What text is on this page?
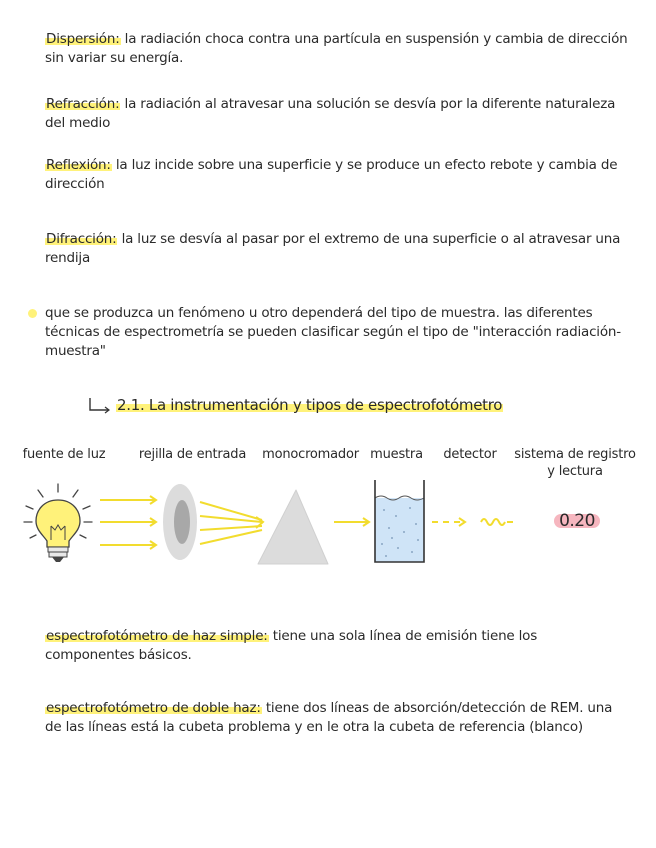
Dispersión: la radiación choca contra una partícula en suspensión y cambia de dirección sin variar su energía.
Refracción: la radiación al atravesar una solución se desvía por la diferente naturaleza del medio
Reflexión: la luz incide sobre una superficie y se produce un efecto rebote y cambia de dirección
Difracción: la luz se desvía al pasar por el extremo de una superficie o al atravesar una rendija
que se produzca un fenómeno u otro dependerá del tipo de muestra. las diferentes técnicas de espectrometría se pueden clasificar según el tipo de "interacción radiación-muestra"
2.1. La instrumentación y tipos de espectrofotómetro
fuente de luz	rejilla de entrada	monocromador muestra	detector	sistema de registro
y lectura
0.20
espectrofotómetro de haz simple: tiene una sola línea de emisión tiene los componentes básicos.
espectrofotómetro de doble haz: tiene dos líneas de absorción/detección de REM. una de las líneas está la cubeta problema y en le otra la cubeta de referencia (blanco)
